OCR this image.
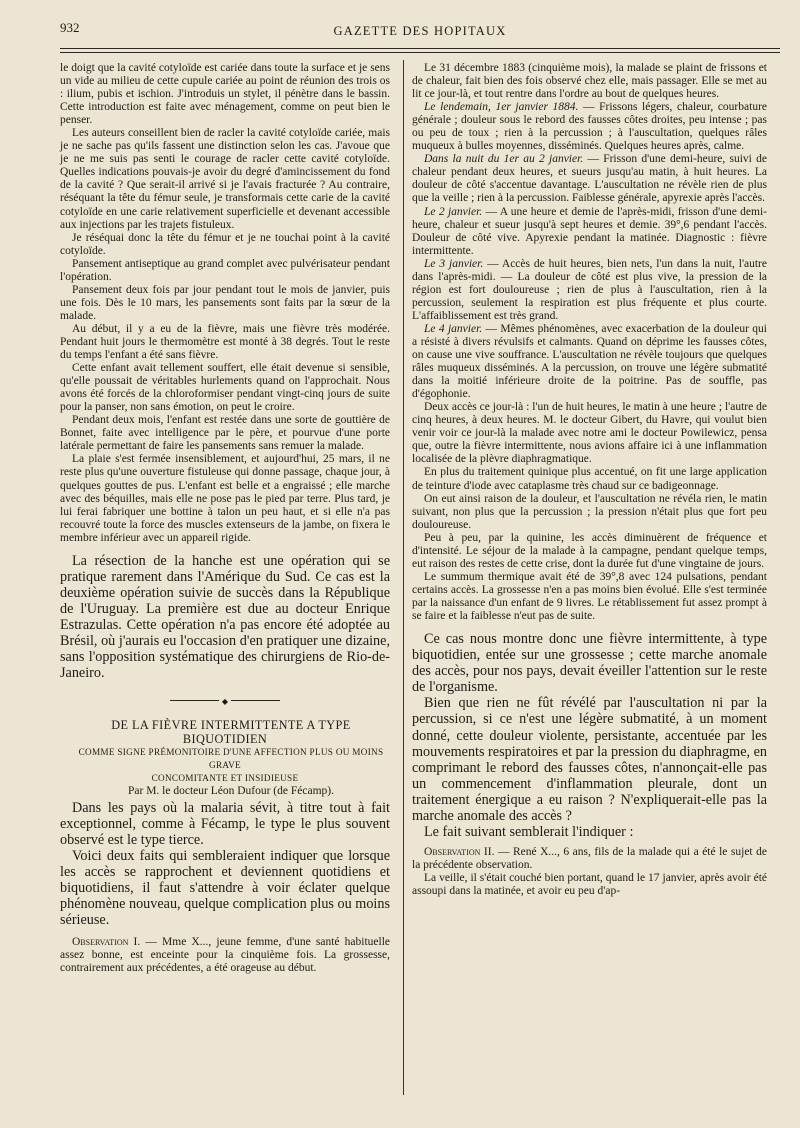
932	GAZETTE DES HOPITAUX

le doigt que la cavité cotyloïde est cariée dans toute la surface et je sens un vide au milieu de cette cupule cariée au point de réunion des trois os : ilium, pubis et ischion. J'introduis un stylet, il pénètre dans le bassin. Cette introduction est faite avec ménagement, comme on peut bien le penser.

Les auteurs conseillent bien de racler la cavité cotyloïde cariée, mais je ne sache pas qu'ils fassent une distinction selon les cas. J'avoue que je ne me suis pas senti le courage de racler cette cavité cotyloïde. Quelles indications pouvais-je avoir du degré d'amincissement du fond de la cavité ? Que serait-il arrivé si je l'avais fracturée ? Au contraire, réséquant la tête du fémur seule, je transformais cette carie de la cavité cotyloïde en une carie relativement superficielle et devenant accessible aux injections par les trajets fistuleux.

Je réséquai donc la tête du fémur et je ne touchai point à la cavité cotyloïde.

Pansement antiseptique au grand complet avec pulvérisateur pendant l'opération.

Pansement deux fois par jour pendant tout le mois de janvier, puis une fois. Dès le 10 mars, les pansements sont faits par la sœur de la malade.

Au début, il y a eu de la fièvre, mais une fièvre très modérée. Pendant huit jours le thermomètre est monté à 38 degrés. Tout le reste du temps l'enfant a été sans fièvre.

Cette enfant avait tellement souffert, elle était devenue si sensible, qu'elle poussait de véritables hurlements quand on l'approchait. Nous avons été forcés de la chloroformiser pendant vingt-cinq jours de suite pour la panser, non sans émotion, on peut le croire.

Pendant deux mois, l'enfant est restée dans une sorte de gouttière de Bonnet, faite avec intelligence par le père, et pourvue d'une porte latérale permettant de faire les pansements sans remuer la malade.

La plaie s'est fermée insensiblement, et aujourd'hui, 25 mars, il ne reste plus qu'une ouverture fistuleuse qui donne passage, chaque jour, à quelques gouttes de pus. L'enfant est belle et a engraissé ; elle marche avec des béquilles, mais elle ne pose pas le pied par terre. Plus tard, je lui ferai fabriquer une bottine à talon un peu haut, et si elle n'a pas recouvré toute la force des muscles extenseurs de la jambe, on fixera le membre inférieur avec un appareil rigide.

La résection de la hanche est une opération qui se pratique rarement dans l'Amérique du Sud. Ce cas est la deuxième opération suivie de succès dans la République de l'Uruguay. La première est due au docteur Enrique Estrazulas. Cette opération n'a pas encore été adoptée au Brésil, où j'aurais eu l'occasion d'en pratiquer une dizaine, sans l'opposition systématique des chirurgiens de Rio-de-Janeiro.

◆

DE LA FIÈVRE INTERMITTENTE A TYPE BIQUOTIDIEN

COMME SIGNE PRÉMONITOIRE D'UNE AFFECTION PLUS OU MOINS GRAVE
CONCOMITANTE ET INSIDIEUSE

Par M. le docteur Léon Dufour (de Fécamp).

Dans les pays où la malaria sévit, à titre tout à fait exceptionnel, comme à Fécamp, le type le plus souvent observé est le type tierce.

Voici deux faits qui sembleraient indiquer que lorsque les accès se rapprochent et deviennent quotidiens et biquotidiens, il faut s'attendre à voir éclater quelque phénomène nouveau, quelque complication plus ou moins sérieuse.

Observation I. — Mme X..., jeune femme, d'une santé habituelle assez bonne, est enceinte pour la cinquième fois. La grossesse, contrairement aux précédentes, a été orageuse au début.

Le 31 décembre 1883 (cinquième mois), la malade se plaint de frissons et de chaleur, fait bien des fois observé chez elle, mais passager. Elle se met au lit ce jour-là, et tout rentre dans l'ordre au bout de quelques heures.

Le lendemain, 1er janvier 1884. — Frissons légers, chaleur, courbature générale ; douleur sous le rebord des fausses côtes droites, peu intense ; pas ou peu de toux ; rien à la percussion ; à l'auscultation, quelques râles muqueux à bulles moyennes, disséminés. Quelques heures après, calme.

Dans la nuit du 1er au 2 janvier. — Frisson d'une demi-heure, suivi de chaleur pendant deux heures, et sueurs jusqu'au matin, à huit heures. La douleur de côté s'accentue davantage. L'auscultation ne révèle rien de plus que la veille ; rien à la percussion. Faiblesse générale, apyrexie après l'accès.

Le 2 janvier. — A une heure et demie de l'après-midi, frisson d'une demi-heure, chaleur et sueur jusqu'à sept heures et demie. 39°,6 pendant l'accès. Douleur de côté vive. Apyrexie pendant la matinée. Diagnostic : fièvre intermittente.

Le 3 janvier. — Accès de huit heures, bien nets, l'un dans la nuit, l'autre dans l'après-midi. — La douleur de côté est plus vive, la pression de la région est fort douloureuse ; rien de plus à l'auscultation, rien à la percussion, seulement la respiration est plus fréquente et plus courte. L'affaiblissement est très grand.

Le 4 janvier. — Mêmes phénomènes, avec exacerbation de la douleur qui a résisté à divers révulsifs et calmants. Quand on déprime les fausses côtes, on cause une vive souffrance. L'auscultation ne révèle toujours que quelques râles muqueux disséminés. A la percussion, on trouve une légère submatité dans la moitié inférieure droite de la poitrine. Pas de souffle, pas d'égophonie.

Deux accès ce jour-là : l'un de huit heures, le matin à une heure ; l'autre de cinq heures, à deux heures. M. le docteur Gibert, du Havre, qui voulut bien venir voir ce jour-là la malade avec notre ami le docteur Powilewicz, pensa que, outre la fièvre intermittente, nous avions affaire ici à une inflammation localisée de la plèvre diaphragmatique.

En plus du traitement quinique plus accentué, on fit une large application de teinture d'iode avec cataplasme très chaud sur ce badigeonnage.

On eut ainsi raison de la douleur, et l'auscultation ne révéla rien, le matin suivant, non plus que la percussion ; la pression n'était plus que fort peu douloureuse.

Peu à peu, par la quinine, les accès diminuèrent de fréquence et d'intensité. Le séjour de la malade à la campagne, pendant quelque temps, eut raison des restes de cette crise, dont la durée fut d'une vingtaine de jours.

Le summum thermique avait été de 39°,8 avec 124 pulsations, pendant certains accès. La grossesse n'en a pas moins bien évolué. Elle s'est terminée par la naissance d'un enfant de 9 livres. Le rétablissement fut assez prompt à se faire et la faiblesse n'eut pas de suite.

Ce cas nous montre donc une fièvre intermittente, à type biquotidien, entée sur une grossesse ; cette marche anomale des accès, pour nos pays, devait éveiller l'attention sur le reste de l'organisme.

Bien que rien ne fût révélé par l'auscultation ni par la percussion, si ce n'est une légère submatité, à un moment donné, cette douleur violente, persistante, accentuée par les mouvements respiratoires et par la pression du diaphragme, en comprimant le rebord des fausses côtes, n'annonçait-elle pas un commencement d'inflammation pleurale, dont un traitement énergique a eu raison ? N'expliquerait-elle pas la marche anomale des accès ?

Le fait suivant semblerait l'indiquer :

Observation II. — René X..., 6 ans, fils de la malade qui a été le sujet de la précédente observation.

La veille, il s'était couché bien portant, quand le 17 janvier, après avoir été assoupi dans la matinée, et avoir eu peu d'ap-
